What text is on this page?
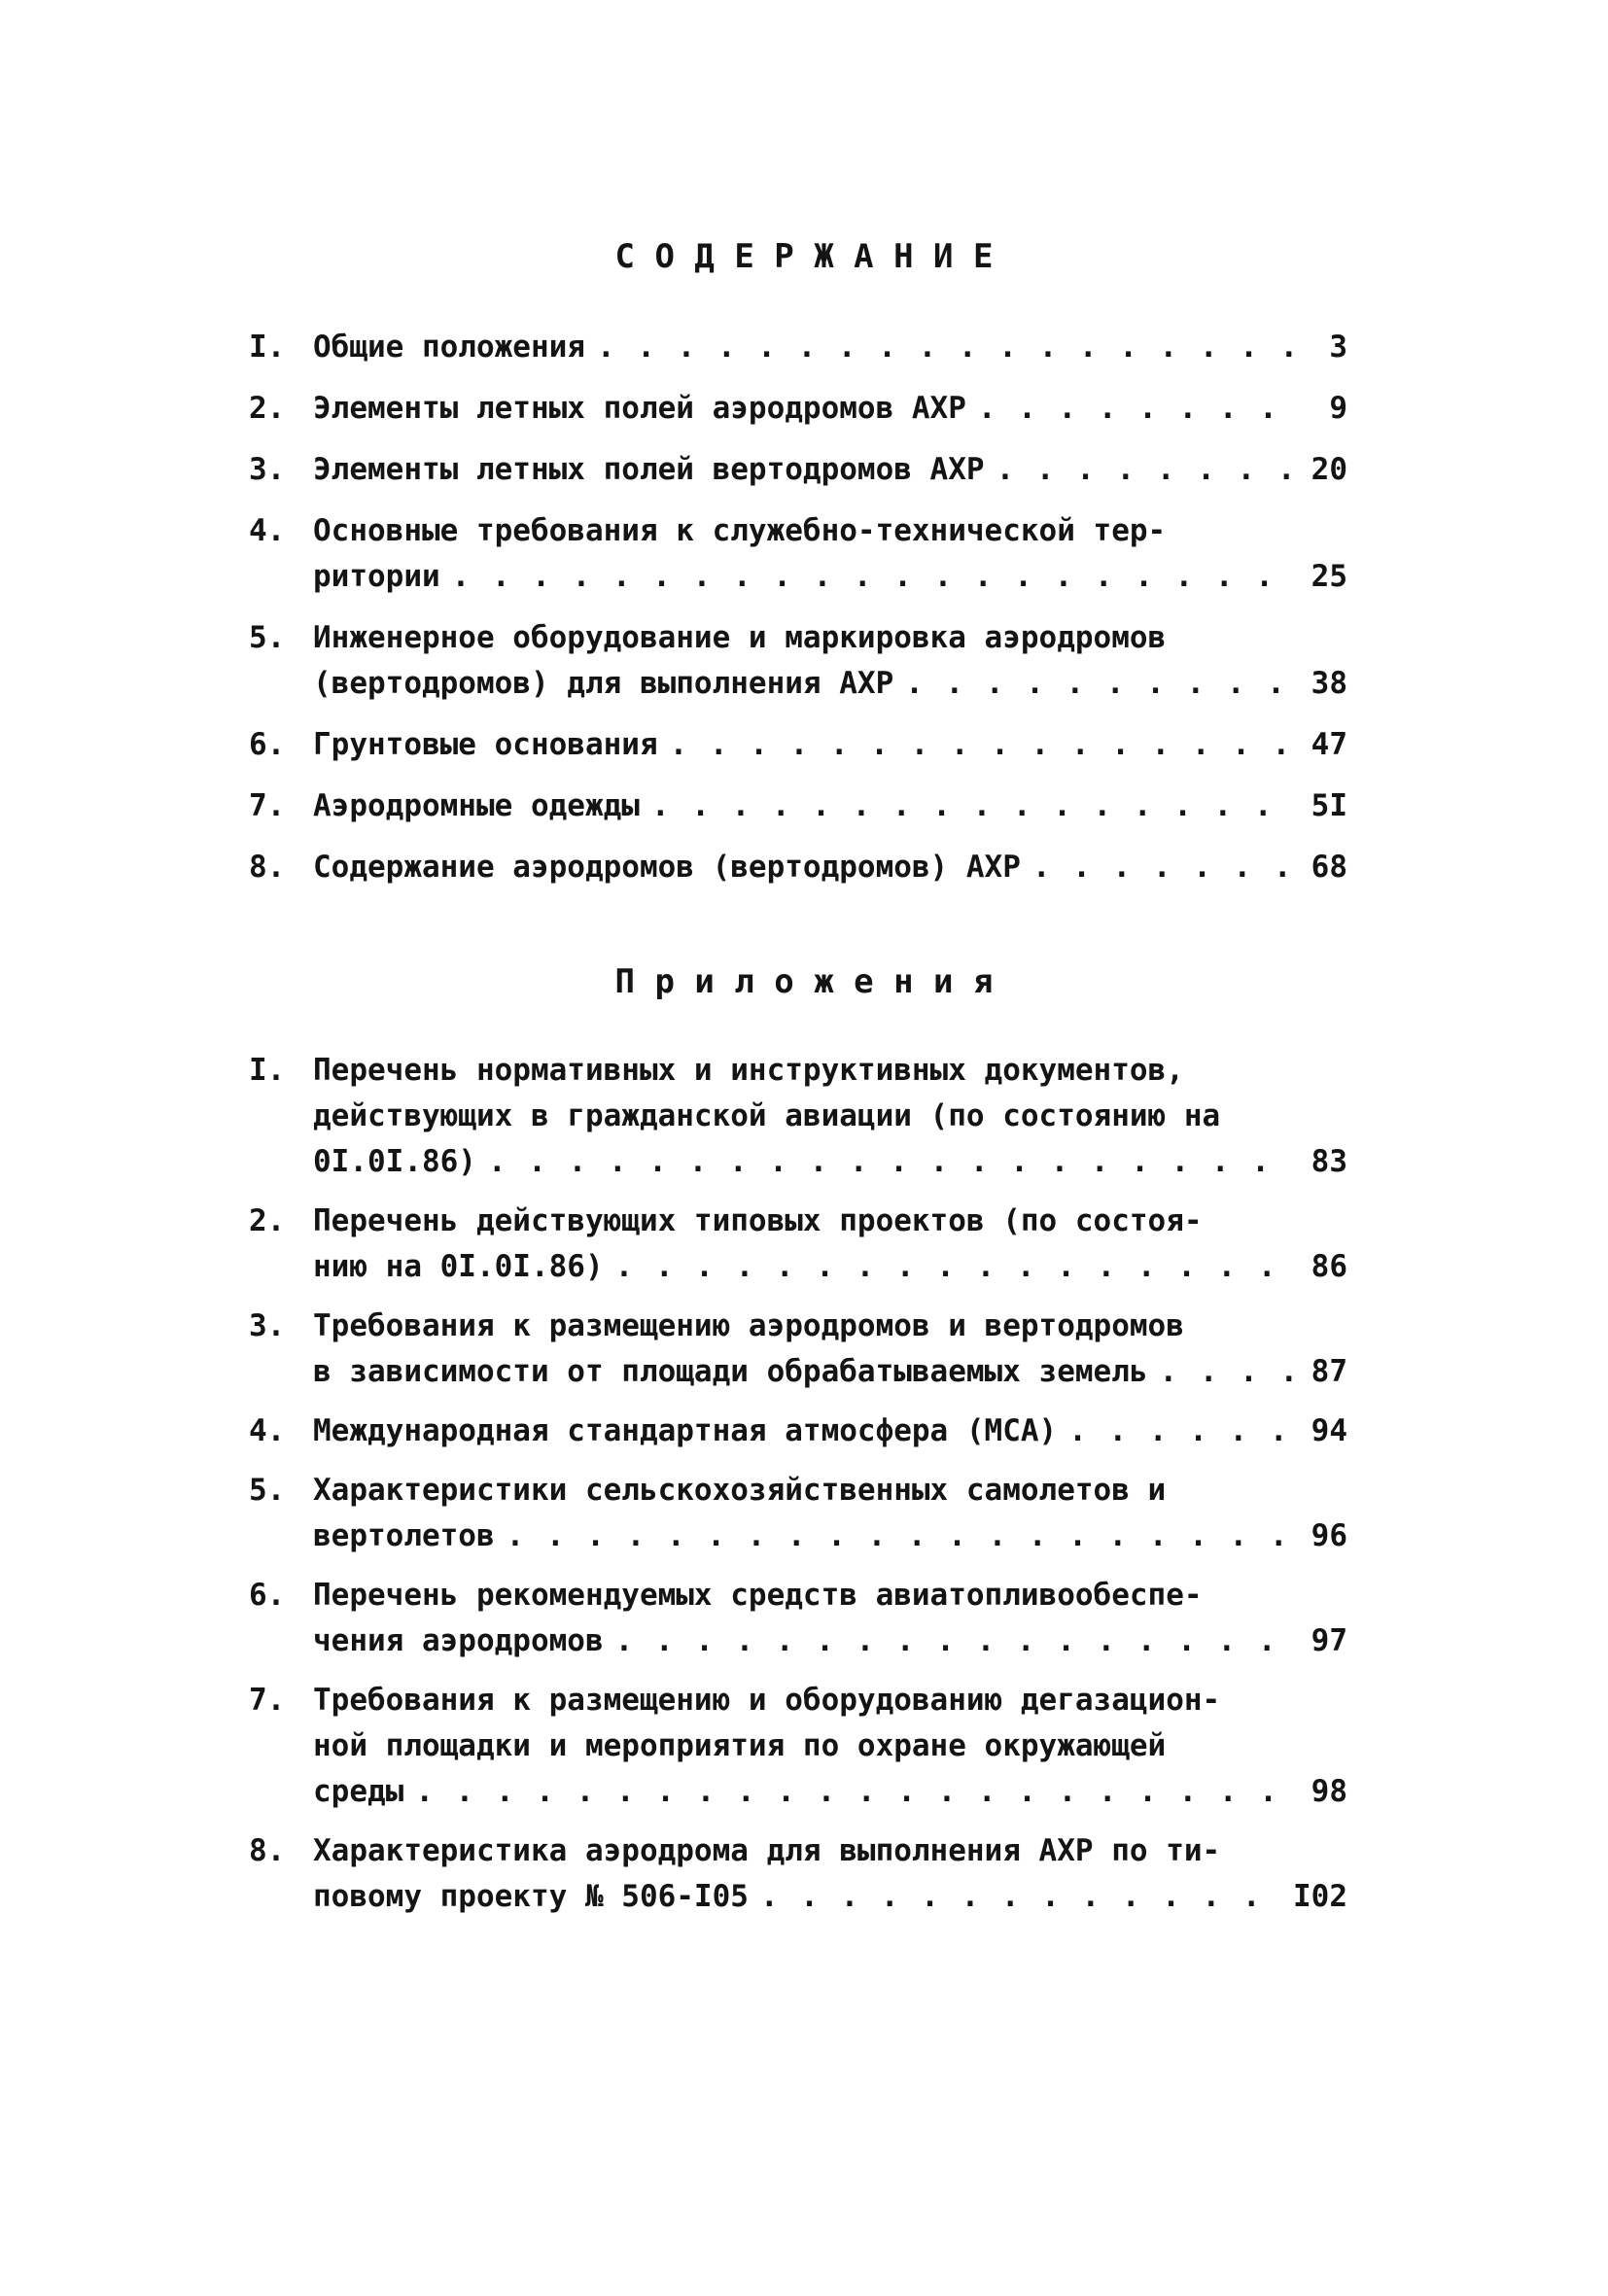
С О Д Е Р Ж А Н И Е
I. Общие положения . . .	3
2. Элементы летных полей аэродромов АХР . . .	9
3. Элементы летных полей вертодромов АХР . . .	20
4. Основные требования к служебно-технической тер-
ритории . . .	25
5. Инженерное оборудование и маркировка аэродромов
(вертодромов) для выполнения АХР . . .	38
6. Грунтовые основания . . .	47
7. Аэродромные одежды . . .	5I
8. Содержание аэродромов (вертодромов) АХР . . .	68
П р и л о ж е н и я
I. Перечень нормативных и инструктивных документов,
действующих в гражданской авиации (по состоянию на
0I.0I.86) . . .	83
2. Перечень действующих типовых проектов (по состоя-
нию на 0I.0I.86) . . .	86
3. Требования к размещению аэродромов и вертодромов
в зависимости от площади обрабатываемых земель . . .	87
4. Международная стандартная атмосфера (МСА) . . .	94
5. Характеристики сельскохозяйственных самолетов и
вертолетов . . .	96
6. Перечень рекомендуемых средств авиатопливообеспе-
чения аэродромов . . .	97
7. Требования к размещению и оборудованию дегазацион-
ной площадки и мероприятия по охране окружающей
среды . . .	98
8. Характеристика аэродрома для выполнения АХР по ти-
повому проекту № 506-I05 . . .	I02
